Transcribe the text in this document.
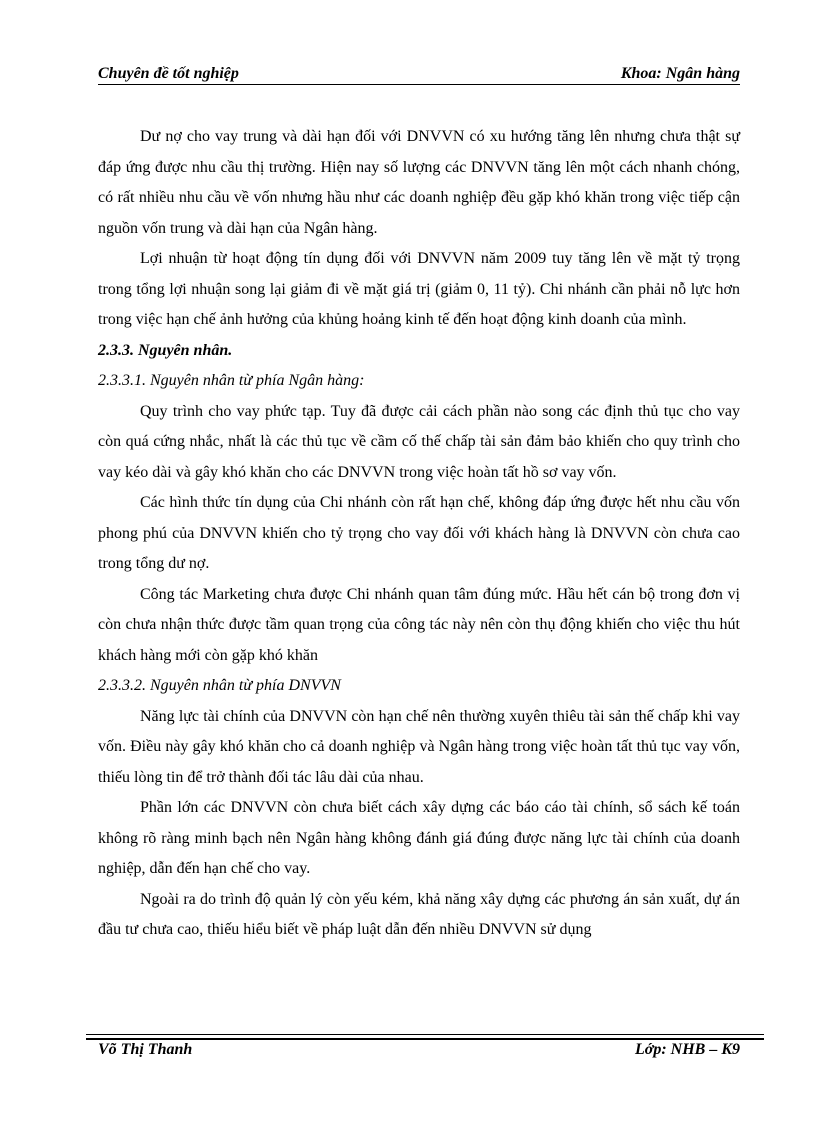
Chuyên đề tốt nghiệp	Khoa: Ngân hàng

Dư nợ cho vay trung và dài hạn đối với DNVVN có xu hướng tăng lên nhưng chưa thật sự đáp ứng được nhu cầu thị trường. Hiện nay số lượng các DNVVN tăng lên một cách nhanh chóng, có rất nhiều nhu cầu về vốn nhưng hầu như các doanh nghiệp đều gặp khó khăn trong việc tiếp cận nguồn vốn trung và dài hạn của Ngân hàng.

Lợi nhuận từ hoạt động tín dụng đối với DNVVN năm 2009 tuy tăng lên về mặt tỷ trọng trong tổng lợi nhuận song lại giảm đi về mặt giá trị (giảm 0, 11 tỷ). Chi nhánh cần phải nỗ lực hơn trong việc hạn chế ảnh hưởng của khủng hoảng kinh tế đến hoạt động kinh doanh của mình.

2.3.3. Nguyên nhân.

2.3.3.1. Nguyên nhân từ phía Ngân hàng:

Quy trình cho vay phức tạp. Tuy đã được cải cách phần nào song các định thủ tục cho vay còn quá cứng nhắc, nhất là các thủ tục về cầm cố thế chấp tài sản đảm bảo khiến cho quy trình cho vay kéo dài và gây khó khăn cho các DNVVN trong việc hoàn tất hồ sơ vay vốn.

Các hình thức tín dụng của Chi nhánh còn rất hạn chế, không đáp ứng được hết nhu cầu vốn phong phú của DNVVN khiến cho tỷ trọng cho vay đối với khách hàng là DNVVN còn chưa cao trong tổng dư nợ.

Công tác Marketing chưa được Chi nhánh quan tâm đúng mức. Hầu hết cán bộ trong đơn vị còn chưa nhận thức được tầm quan trọng của công tác này nên còn thụ động khiến cho việc thu hút khách hàng mới còn gặp khó khăn

2.3.3.2. Nguyên nhân từ phía DNVVN

Năng lực tài chính của DNVVN còn hạn chế nên thường xuyên thiêu tài sản thế chấp khi vay vốn. Điều này gây khó khăn cho cả doanh nghiệp và Ngân hàng trong việc hoàn tất thủ tục vay vốn, thiếu lòng tin để trở thành đối tác lâu dài của nhau.

Phần lớn các DNVVN còn chưa biết cách xây dựng các báo cáo tài chính, sổ sách kế toán không rõ ràng minh bạch nên Ngân hàng không đánh giá đúng được năng lực tài chính của doanh nghiệp, dẫn đến hạn chế cho vay.

Ngoài ra do trình độ quản lý còn yếu kém, khả năng xây dựng các phương án sản xuất, dự án đầu tư chưa cao, thiếu hiểu biết về pháp luật dẫn đến nhiều DNVVN sử dụng

Võ Thị Thanh	Lớp: NHB – K9
